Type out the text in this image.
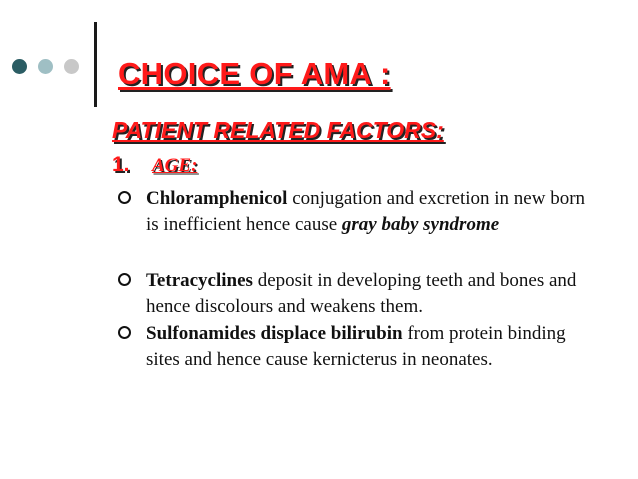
CHOICE OF AMA :
PATIENT RELATED FACTORS:
1. AGE:
Chloramphenicol conjugation and excretion in new born is inefficient hence cause gray baby syndrome
Tetracyclines deposit in developing teeth and bones and hence discolours and weakens them.
Sulfonamides displace bilirubin from protein binding sites and hence cause kernicterus in neonates.
